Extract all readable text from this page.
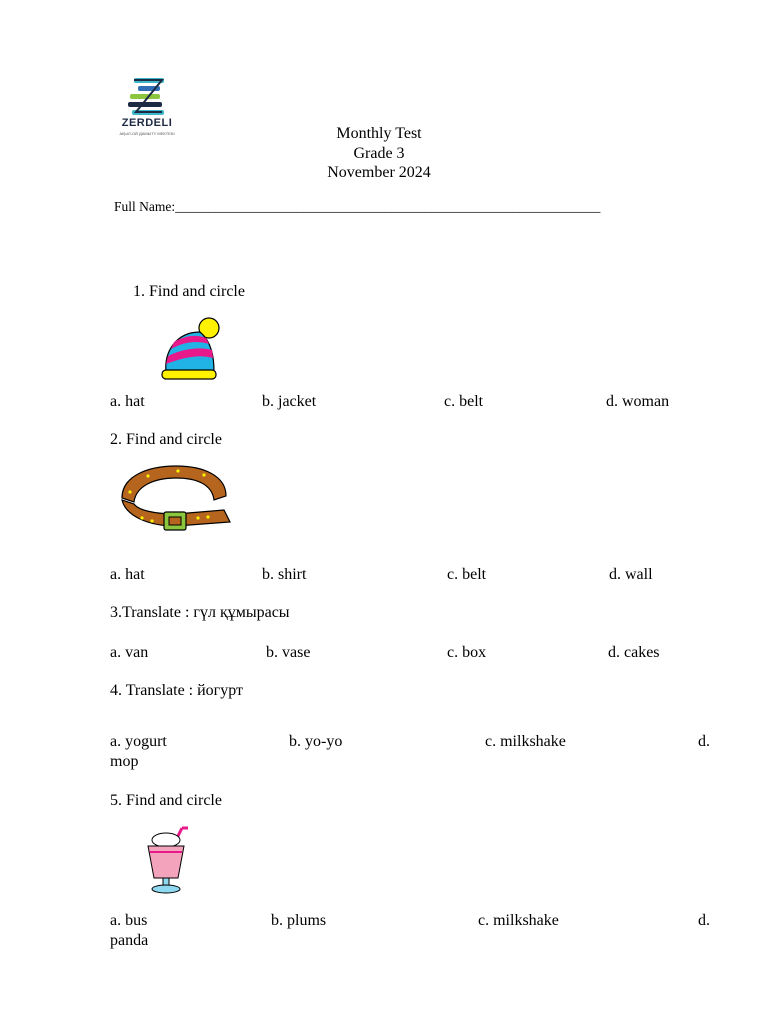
ZERDELI
АҚЫЛ-ОЙ ДАМЫТУ МЕКТЕБІ	Monthly Test
Grade 3
November 2024
Full Name:_______________________________________________________________
1. Find and circle
a. hat	b. jacket	c. belt	d. woman
2. Find and circle
a. hat	b. shirt	c. belt	d. wall
3.Translate : гүл құмырасы
a. van	b. vase	c. box	d. cakes
4. Translate : йогурт
a. yogurt	b. yo-yo	c. milkshake	d.
mop
5. Find and circle
a. bus	b. plums	c. milkshake	d.
panda
